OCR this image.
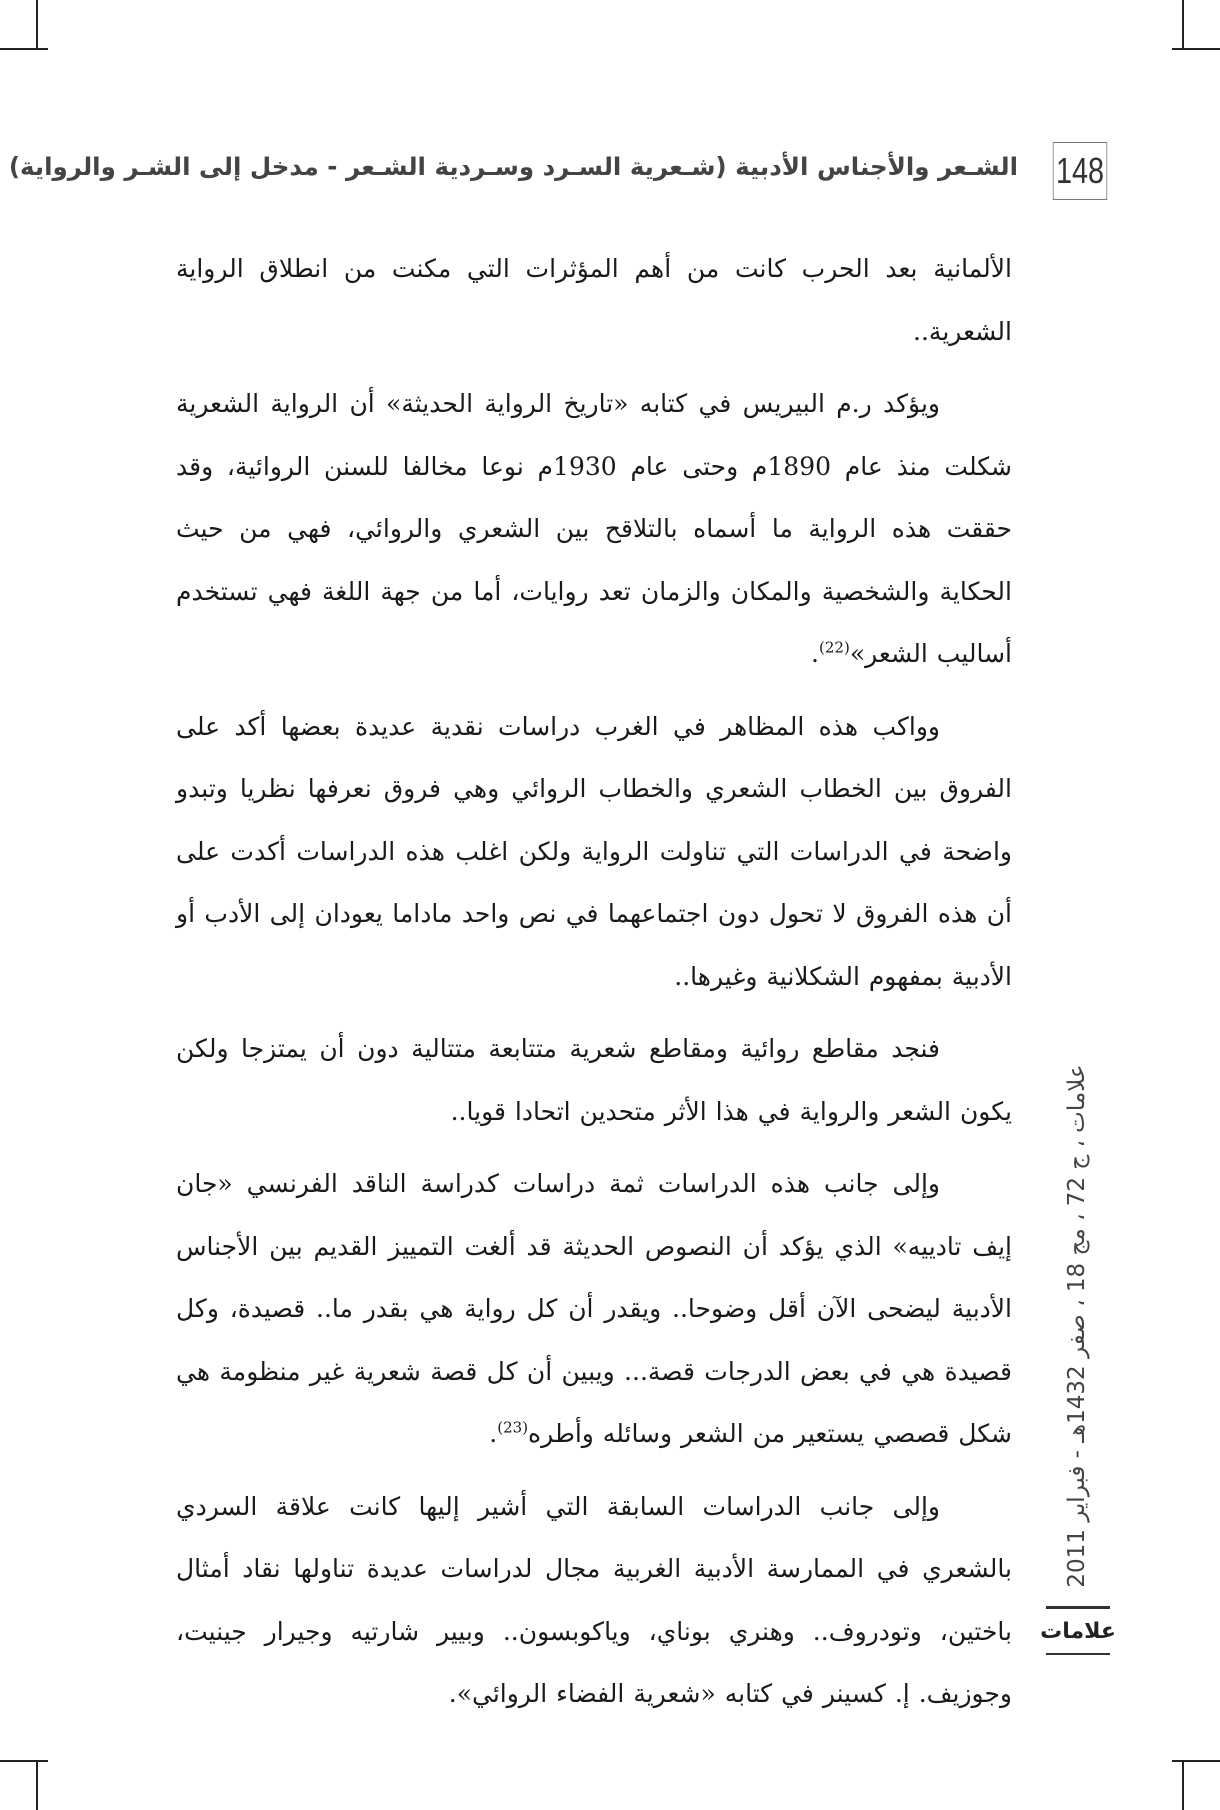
148
الشـعر والأجناس الأدبية (شـعرية السـرد وسـردية الشـعر - مدخل إلى الشـر والرواية)

الألمانية بعد الحرب كانت من أهم المؤثرات التي مكنت من انطلاق الرواية الشعرية..

ويؤكد ر.م البيريس في كتابه «تاريخ الرواية الحديثة» أن الرواية الشعرية شكلت منذ عام 1890م وحتى عام 1930م نوعا مخالفا للسنن الروائية، وقد حققت هذه الرواية ما أسماه بالتلاقح بين الشعري والروائي، فهي من حيث الحكاية والشخصية والمكان والزمان تعد روايات، أما من جهة اللغة فهي تستخدم أساليب الشعر»$^{(22)}$.

وواكب هذه المظاهر في الغرب دراسات نقدية عديدة بعضها أكد على الفروق بين الخطاب الشعري والخطاب الروائي وهي فروق نعرفها نظريا وتبدو واضحة في الدراسات التي تناولت الرواية ولكن اغلب هذه الدراسات أكدت على أن هذه الفروق لا تحول دون اجتماعهما في نص واحد ماداما يعودان إلى الأدب أو الأدبية بمفهوم الشكلانية وغيرها..

فنجد مقاطع روائية ومقاطع شعرية متتابعة متتالية دون أن يمتزجا ولكن يكون الشعر والرواية في هذا الأثر متحدين اتحادا قويا..

وإلى جانب هذه الدراسات ثمة دراسات كدراسة الناقد الفرنسي «جان إيف تادييه» الذي يؤكد أن النصوص الحديثة قد ألغت التمييز القديم بين الأجناس الأدبية ليضحى الآن أقل وضوحا.. ويقدر أن كل رواية هي بقدر ما.. قصيدة، وكل قصيدة هي في بعض الدرجات قصة... ويبين أن كل قصة شعرية غير منظومة هي شكل قصصي يستعير من الشعر وسائله وأطره$^{(23)}$.

وإلى جانب الدراسات السابقة التي أشير إليها كانت علاقة السردي بالشعري في الممارسة الأدبية الغربية مجال لدراسات عديدة تناولها نقاد أمثال باختين، وتودروف.. وهنري بوناي، وياكوبسون.. وبيير شارتيه وجيرار جينيت، وجوزيف. إ. كسينر في كتابه «شعرية الفضاء الروائي».

علامات ، ج 72 ، مج 18 ، صفر 1432هـ - فبراير 2011
علامات
